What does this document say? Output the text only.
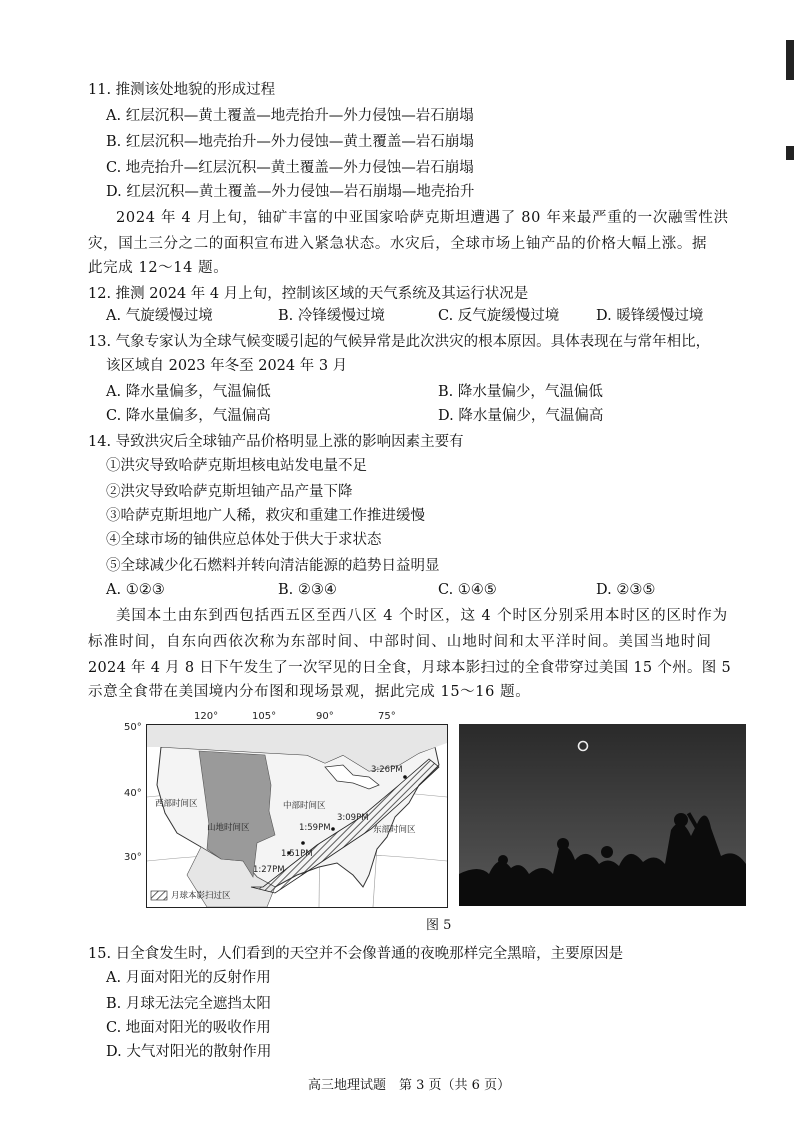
11. 推测该处地貌的形成过程
A. 红层沉积—黄土覆盖—地壳抬升—外力侵蚀—岩石崩塌
B. 红层沉积—地壳抬升—外力侵蚀—黄土覆盖—岩石崩塌
C. 地壳抬升—红层沉积—黄土覆盖—外力侵蚀—岩石崩塌
D. 红层沉积—黄土覆盖—外力侵蚀—岩石崩塌—地壳抬升
2024 年 4 月上旬，铀矿丰富的中亚国家哈萨克斯坦遭遇了 80 年来最严重的一次融雪性洪
灾，国土三分之二的面积宣布进入紧急状态。水灾后，全球市场上铀产品的价格大幅上涨。据
此完成 12～14 题。
12. 推测 2024 年 4 月上旬，控制该区域的天气系统及其运行状况是
A. 气旋缓慢过境	B. 冷锋缓慢过境	C. 反气旋缓慢过境	D. 暖锋缓慢过境
13. 气象专家认为全球气候变暖引起的气候异常是此次洪灾的根本原因。具体表现在与常年相比，
该区域自 2023 年冬至 2024 年 3 月
A. 降水量偏多，气温偏低	B. 降水量偏少，气温偏低
C. 降水量偏多，气温偏高	D. 降水量偏少，气温偏高
14. 导致洪灾后全球铀产品价格明显上涨的影响因素主要有
①洪灾导致哈萨克斯坦核电站发电量不足
②洪灾导致哈萨克斯坦铀产品产量下降
③哈萨克斯坦地广人稀，救灾和重建工作推进缓慢
④全球市场的铀供应总体处于供大于求状态
⑤全球减少化石燃料并转向清洁能源的趋势日益明显
A. ①②③	B. ②③④	C. ①④⑤	D. ②③⑤
美国本土由东到西包括西五区至西八区 4 个时区，这 4 个时区分别采用本时区的区时作为
标准时间，自东向西依次称为东部时间、中部时间、山地时间和太平洋时间。美国当地时间
2024 年 4 月 8 日下午发生了一次罕见的日全食，月球本影扫过的全食带穿过美国 15 个州。图 5
示意全食带在美国境内分布图和现场景观，据此完成 15～16 题。
120°	105°	90°	75°
50°
40°
30°
西部时间区
山地时间区
中部时间区
东部时间区
3:26PM
3:09PM
1:59PM
1:51PM
1:27PM
月球本影扫过区
图 5
15. 日全食发生时，人们看到的天空并不会像普通的夜晚那样完全黑暗，主要原因是
A. 月面对阳光的反射作用
B. 月球无法完全遮挡太阳
C. 地面对阳光的吸收作用
D. 大气对阳光的散射作用
高三地理试题　第 3 页（共 6 页）
